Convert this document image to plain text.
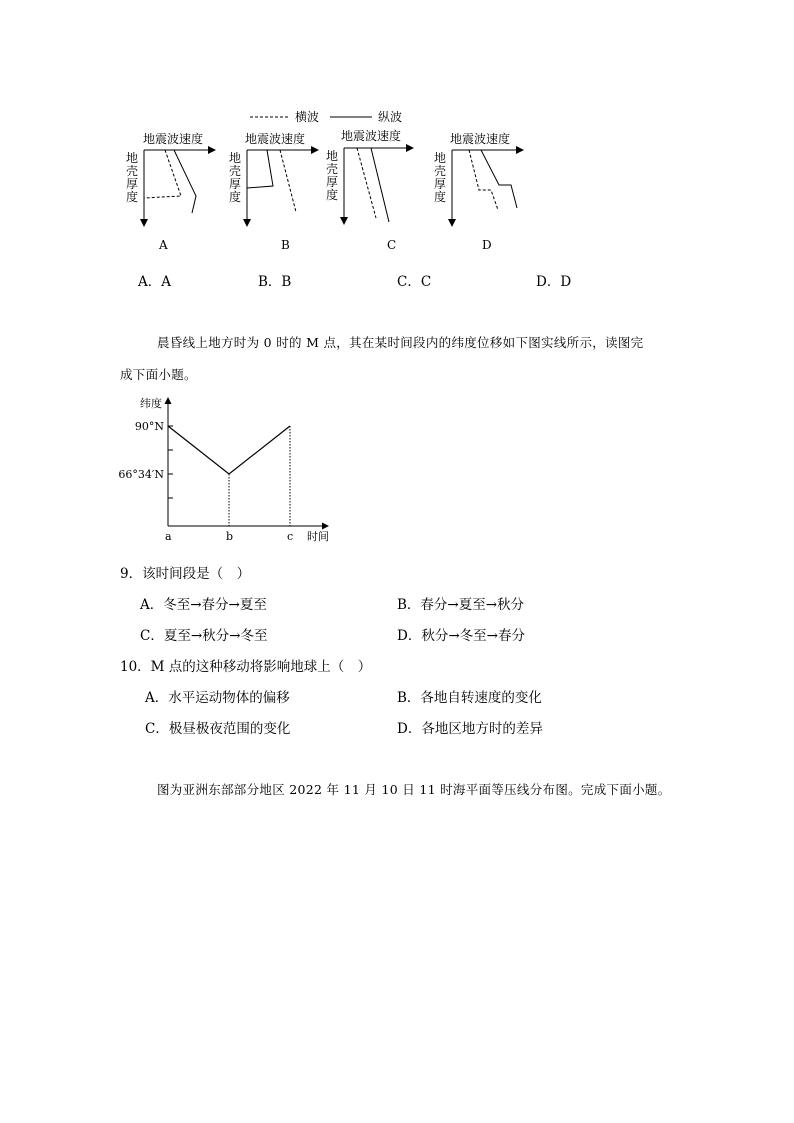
横波	纵波
地震波速度
地
壳
厚
度
A
地震波速度
地
壳
厚
度
B
地震波速度
地
壳
厚
度
C
地震波速度
地
壳
厚
度
D
A．A	B．B	C．C	D．D
晨昏线上地方时为 0 时的 M 点，其在某时间段内的纬度位移如下图实线所示，读图完
成下面小题。
纬度
时间
90°N
66°34′N
a	b	c
9．该时间段是（　）
A．冬至→春分→夏至	B．春分→夏至→秋分
C．夏至→秋分→冬至	D．秋分→冬至→春分
10．M 点的这种移动将影响地球上（　）
A．水平运动物体的偏移	B．各地自转速度的变化
C．极昼极夜范围的变化	D．各地区地方时的差异
图为亚洲东部部分地区 2022 年 11 月 10 日 11 时海平面等压线分布图。完成下面小题。
